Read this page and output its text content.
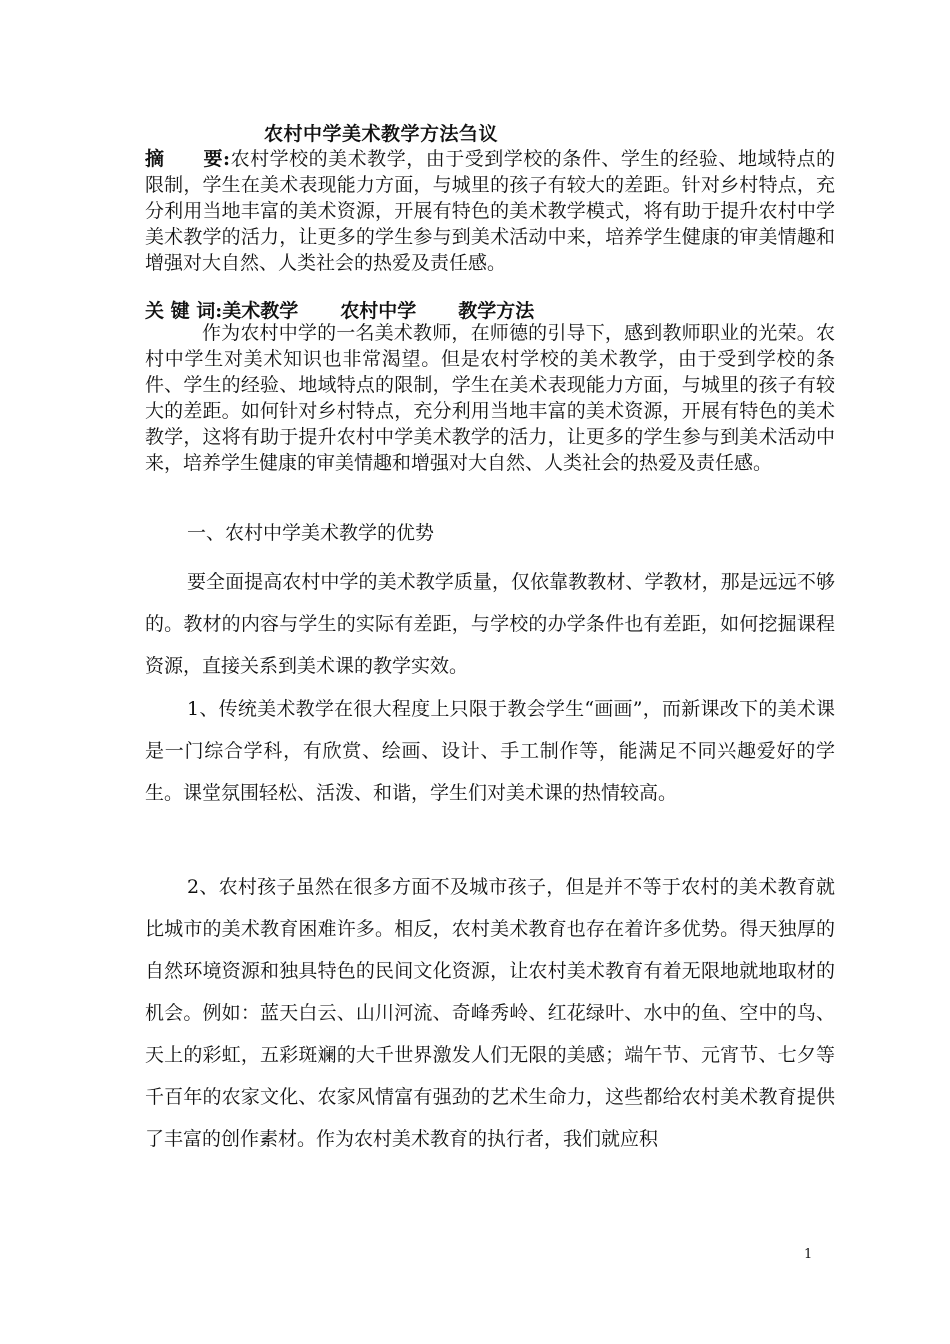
农村中学美术教学方法刍议
摘　　要:农村学校的美术教学，由于受到学校的条件、学生的经验、地域特点的限制，学生在美术表现能力方面，与城里的孩子有较大的差距。针对乡村特点，充分利用当地丰富的美术资源，开展有特色的美术教学模式，将有助于提升农村中学美术教学的活力，让更多的学生参与到美术活动中来，培养学生健康的审美情趣和增强对大自然、人类社会的热爱及责任感。
关 键 词:美术教学 农村中学 教学方法
作为农村中学的一名美术教师，在师德的引导下，感到教师职业的光荣。农村中学生对美术知识也非常渴望。但是农村学校的美术教学，由于受到学校的条件、学生的经验、地域特点的限制，学生在美术表现能力方面，与城里的孩子有较大的差距。如何针对乡村特点，充分利用当地丰富的美术资源，开展有特色的美术教学，这将有助于提升农村中学美术教学的活力，让更多的学生参与到美术活动中来，培养学生健康的审美情趣和增强对大自然、人类社会的热爱及责任感。
一、农村中学美术教学的优势
要全面提高农村中学的美术教学质量，仅依靠教教材、学教材，那是远远不够的。教材的内容与学生的实际有差距，与学校的办学条件也有差距，如何挖掘课程资源，直接关系到美术课的教学实效。
1、传统美术教学在很大程度上只限于教会学生“画画”，而新课改下的美术课是一门综合学科，有欣赏、绘画、设计、手工制作等，能满足不同兴趣爱好的学生。课堂氛围轻松、活泼、和谐，学生们对美术课的热情较高。
2、农村孩子虽然在很多方面不及城市孩子，但是并不等于农村的美术教育就比城市的美术教育困难许多。相反，农村美术教育也存在着许多优势。得天独厚的自然环境资源和独具特色的民间文化资源，让农村美术教育有着无限地就地取材的机会。例如：蓝天白云、山川河流、奇峰秀岭、红花绿叶、水中的鱼、空中的鸟、天上的彩虹，五彩斑斓的大千世界激发人们无限的美感；端午节、元宵节、七夕等千百年的农家文化、农家风情富有强劲的艺术生命力，这些都给农村美术教育提供了丰富的创作素材。作为农村美术教育的执行者，我们就应积
1
